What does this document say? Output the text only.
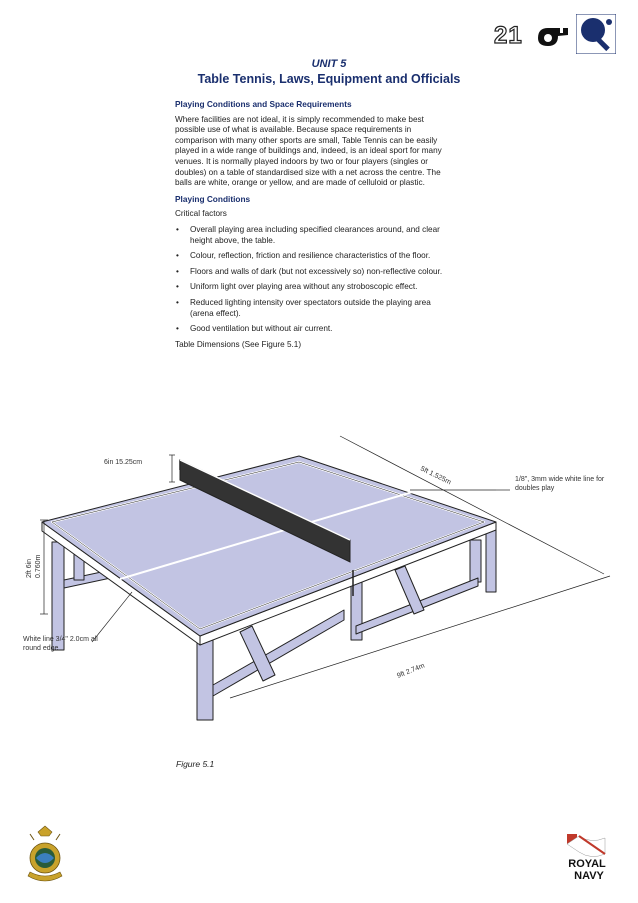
21
UNIT 5
Table Tennis, Laws, Equipment and Officials
Playing Conditions and Space Requirements
Where facilities are not ideal, it is simply recommended to make best possible use of what is available. Because space requirements in comparison with many other sports are small, Table Tennis can be easily played in a wide range of buildings and, indeed, is an ideal sport for many venues. It is normally played indoors by two or four players (singles or doubles) on a table of standardised size with a net across the centre. The balls are white, orange or yellow, and are made of celluloid or plastic.
Playing Conditions
Critical factors
• Overall playing area including specified clearances around, and clear height above, the table.
• Colour, reflection, friction and resilience characteristics of the floor.
• Floors and walls of dark (but not excessively so) non-reflective colour.
• Uniform light over playing area without any stroboscopic effect.
• Reduced lighting intensity over spectators outside the playing area (arena effect).
• Good ventilation but without air current.
Table Dimensions (See Figure 5.1)
6in 15.25cm
5ft 1.525m
9ft 2.74m
2ft 6in 0.760m
1/8", 3mm wide white line for doubles play
White line 3/4" 2.0cm all round edge
Figure 5.1
ROYAL
NAVY
